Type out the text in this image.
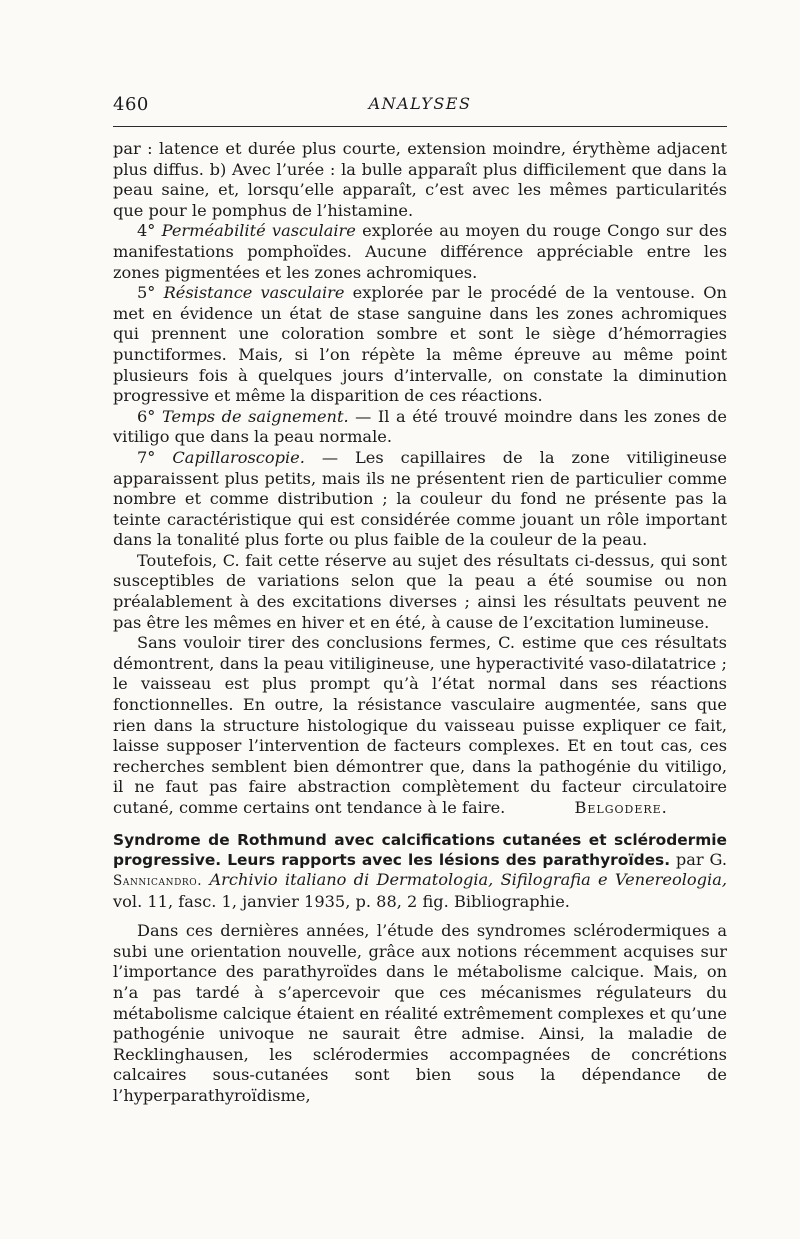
460	ANALYSES

par : latence et durée plus courte, extension moindre, érythème adjacent plus diffus. b) Avec l’urée : la bulle apparaît plus difficilement que dans la peau saine, et, lorsqu’elle apparaît, c’est avec les mêmes particularités que pour le pomphus de l’histamine.

4° Perméabilité vasculaire explorée au moyen du rouge Congo sur des manifestations pomphoïdes. Aucune différence appréciable entre les zones pigmentées et les zones achromiques.

5° Résistance vasculaire explorée par le procédé de la ventouse. On met en évidence un état de stase sanguine dans les zones achromiques qui prennent une coloration sombre et sont le siège d’hémorragies punctiformes. Mais, si l’on répète la même épreuve au même point plusieurs fois à quelques jours d’intervalle, on constate la diminution progressive et même la disparition de ces réactions.

6° Temps de saignement. — Il a été trouvé moindre dans les zones de vitiligo que dans la peau normale.

7° Capillaroscopie. — Les capillaires de la zone vitiligineuse apparaissent plus petits, mais ils ne présentent rien de particulier comme nombre et comme distribution ; la couleur du fond ne présente pas la teinte caractéristique qui est considérée comme jouant un rôle important dans la tonalité plus forte ou plus faible de la couleur de la peau.

Toutefois, C. fait cette réserve au sujet des résultats ci-dessus, qui sont susceptibles de variations selon que la peau a été soumise ou non préalablement à des excitations diverses ; ainsi les résultats peuvent ne pas être les mêmes en hiver et en été, à cause de l’excitation lumineuse.

Sans vouloir tirer des conclusions fermes, C. estime que ces résultats démontrent, dans la peau vitiligineuse, une hyperactivité vaso-dilatatrice ; le vaisseau est plus prompt qu’à l’état normal dans ses réactions fonctionnelles. En outre, la résistance vasculaire augmentée, sans que rien dans la structure histologique du vaisseau puisse expliquer ce fait, laisse supposer l’intervention de facteurs complexes. Et en tout cas, ces recherches semblent bien démontrer que, dans la pathogénie du vitiligo, il ne faut pas faire abstraction complètement du facteur circulatoire cutané, comme certains ont tendance à le faire.	Belgodere.

Syndrome de Rothmund avec calcifications cutanées et sclérodermie progressive. Leurs rapports avec les lésions des parathyroïdes. par G. Sannicandro. Archivio italiano di Dermatologia, Sifilografia e Venereologia, vol. 11, fasc. 1, janvier 1935, p. 88, 2 fig. Bibliographie.

Dans ces dernières années, l’étude des syndromes sclérodermiques a subi une orientation nouvelle, grâce aux notions récemment acquises sur l’importance des parathyroïdes dans le métabolisme calcique. Mais, on n’a pas tardé à s’apercevoir que ces mécanismes régulateurs du métabolisme calcique étaient en réalité extrêmement complexes et qu’une pathogénie univoque ne saurait être admise. Ainsi, la maladie de Recklinghausen, les sclérodermies accompagnées de concrétions calcaires sous-cutanées sont bien sous la dépendance de l’hyperparathyroïdisme,
